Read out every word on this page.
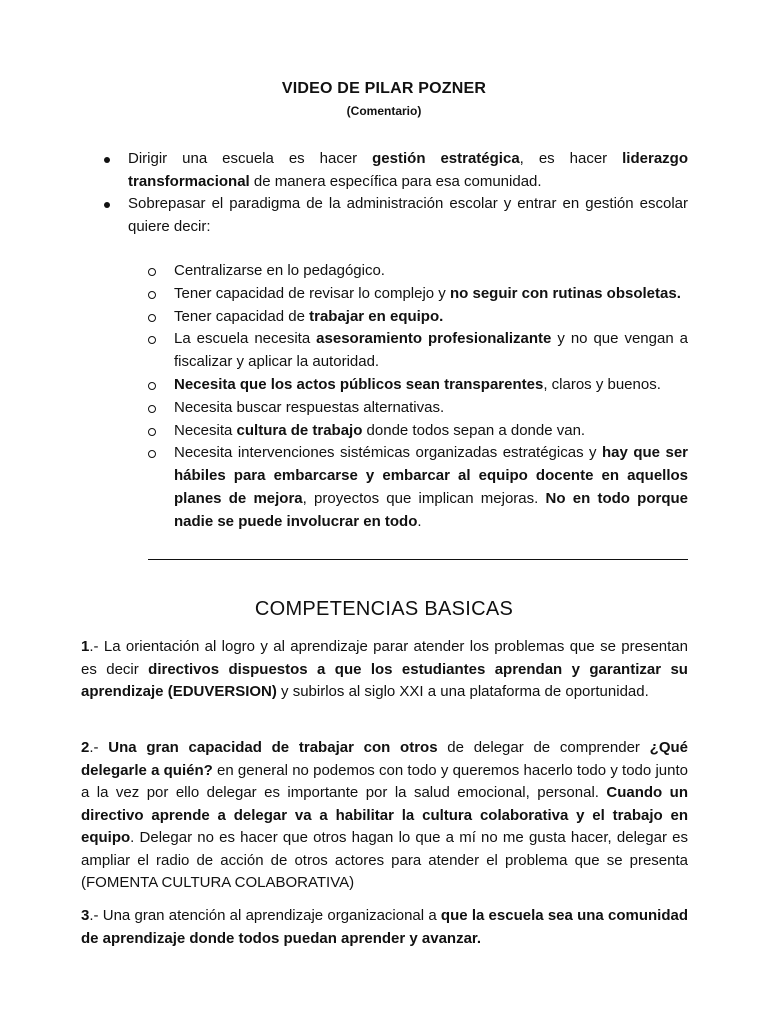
VIDEO DE PILAR POZNER
(Comentario)
Dirigir una escuela es hacer gestión estratégica, es hacer liderazgo transformacional de manera específica para esa comunidad.
Sobrepasar el paradigma de la administración escolar y entrar en gestión escolar quiere decir:
Centralizarse en lo pedagógico.
Tener capacidad de revisar lo complejo y no seguir con rutinas obsoletas.
Tener capacidad de trabajar en equipo.
La escuela necesita asesoramiento profesionalizante y no que vengan a fiscalizar y aplicar la autoridad.
Necesita que los actos públicos sean transparentes, claros y buenos.
Necesita buscar respuestas alternativas.
Necesita cultura de trabajo donde todos sepan a donde van.
Necesita intervenciones sistémicas organizadas estratégicas y hay que ser hábiles para embarcarse y embarcar al equipo docente en aquellos planes de mejora, proyectos que implican mejoras. No en todo porque nadie se puede involucrar en todo.
COMPETENCIAS BASICAS

1.- La orientación al logro y al aprendizaje parar atender los problemas que se presentan es decir directivos dispuestos a que los estudiantes aprendan y garantizar su aprendizaje (EDUVERSION) y subirlos al siglo XXI a una plataforma de oportunidad.

2.- Una gran capacidad de trabajar con otros de delegar de comprender ¿Qué delegarle a quién? en general no podemos con todo y queremos hacerlo todo y todo junto a la vez por ello delegar es importante por la salud emocional, personal. Cuando un directivo aprende a delegar va a habilitar la cultura colaborativa y el trabajo en equipo. Delegar no es hacer que otros hagan lo que a mí no me gusta hacer, delegar es ampliar el radio de acción de otros actores para atender el problema que se presenta (FOMENTA CULTURA COLABORATIVA)

3.- Una gran atención al aprendizaje organizacional a que la escuela sea una comunidad de aprendizaje donde todos puedan aprender y avanzar.
